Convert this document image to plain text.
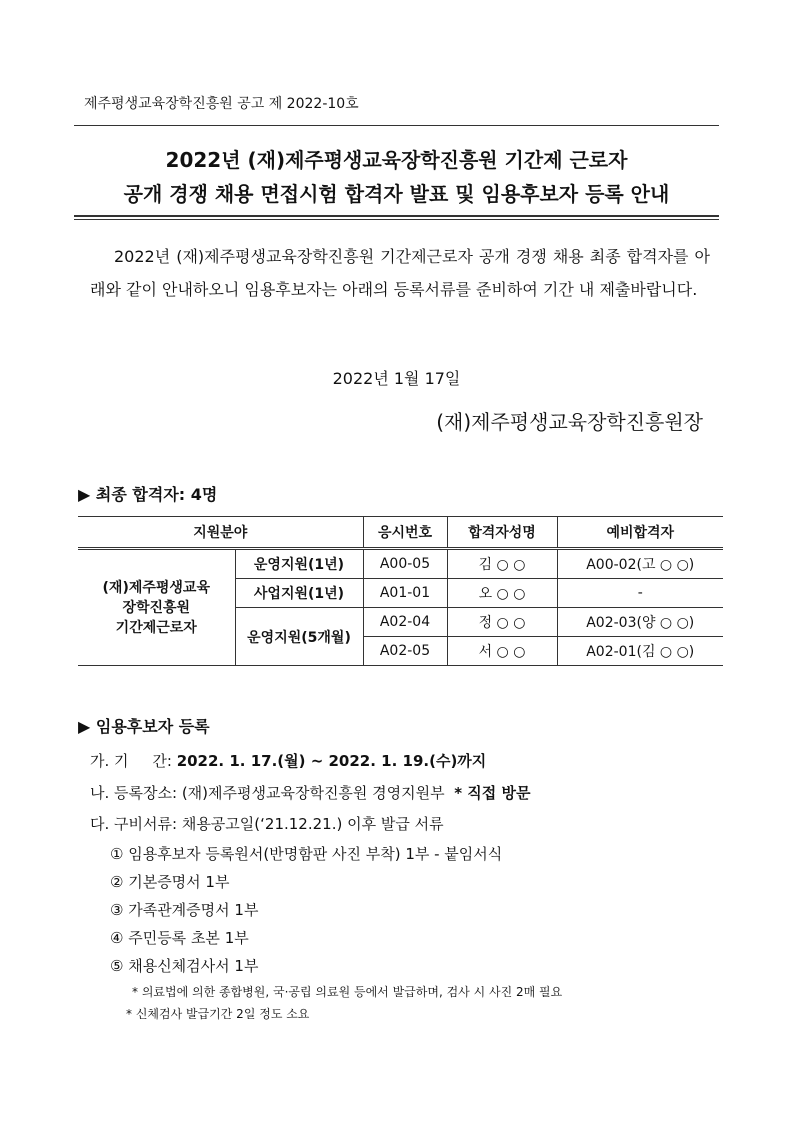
제주평생교육장학진흥원 공고 제 2022-10호
2022년 (재)제주평생교육장학진흥원 기간제 근로자
공개 경쟁 채용 면접시험 합격자 발표 및 임용후보자 등록 안내
2022년 (재)제주평생교육장학진흥원 기간제근로자 공개 경쟁 채용 최종 합격자를 아래와 같이 안내하오니 임용후보자는 아래의 등록서류를 준비하여 기간 내 제출바랍니다.
2022년 1월 17일
(재)제주평생교육장학진흥원장
▶ 최종 합격자: 4명
지원분야		응시번호	합격자성명	예비합격자

(재)제주평생교육
장학진흥원
기간제근로자	운영지원(1년)	A00-05	김 ○ ○	A00-02(고 ○ ○)
	사업지원(1년)	A01-01	오 ○ ○	-
	운영지원(5개월)	A02-04	정 ○ ○	A02-03(양 ○ ○)
		A02-05	서 ○ ○	A02-01(김 ○ ○)
▶ 임용후보자 등록
가. 기     간: 2022. 1. 17.(월) ~ 2022. 1. 19.(수)까지
나. 등록장소: (재)제주평생교육장학진흥원 경영지원부 * 직접 방문
다. 구비서류: 채용공고일(‘21.12.21.) 이후 발급 서류
① 임용후보자 등록원서(반명함판 사진 부착) 1부 - 붙임서식
② 기본증명서 1부
③ 가족관계증명서 1부
④ 주민등록 초본 1부
⑤ 채용신체검사서 1부
* 의료법에 의한 종합병원, 국·공립 의료원 등에서 발급하며, 검사 시 사진 2매 필요
* 신체검사 발급기간 2일 정도 소요
